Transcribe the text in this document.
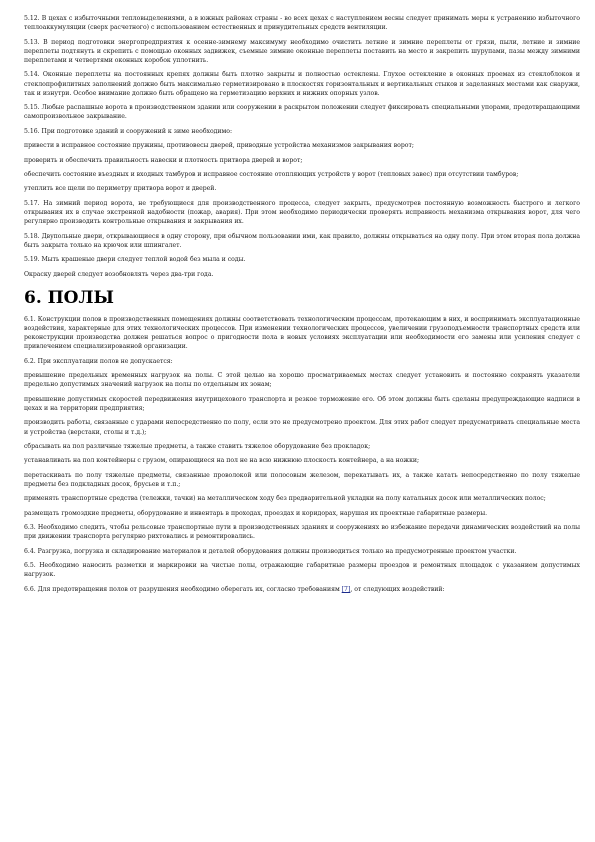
5.12. В цехах с избыточными тепловыделениями, а в южных районах страны - во всех цехах с наступлением весны следует принимать меры к устранению избыточного теплоаккумуляции (сверх расчетного) с использованием естественных и принудительных средств вентиляции.
5.13. В период подготовки энергопредприятия к осенне-зимнему максимуму необходимо очистить летние и зимние переплеты от грязи, пыли, летние и зимние переплеты подтянуть и скрепить с помощью оконных задвижек, съемные зимние оконные переплеты поставить на место и закрепить шурупами, пазы между зимними переплетами и четвертями оконных коробок уплотнить.
5.14. Оконные переплеты на постоянных крепях должны быть плотно закрыты и полностью остеклены. Глухое остекление в оконных проемах из стеклоблоков и стеклопрофилитных заполнений должно быть максимально герметизировано в плоскостях горизонтальных и вертикальных стыков и заделанных местами как снаружи, так и изнутри. Особое внимание должно быть обращено на герметизацию верхних и нижних опорных узлов.
5.15. Любые распашные ворота в производственном здании или сооружении в раскрытом положении следует фиксировать специальными упорами, предотвращающими самопроизвольное закрывание.
5.16. При подготовке зданий и сооружений к зиме необходимо:
привести в исправное состояние пружины, противовесы дверей, приводные устройства механизмов закрывания ворот;
проверить и обеспечить правильность навески и плотность притвора дверей и ворот;
обеспечить состояние въездных и входных тамбуров и исправное состояние отопляющих устройств у ворот (тепловых завес) при отсутствии тамбуров;
утеплить все щели по периметру притвора ворот и дверей.
5.17. На зимний период ворота, не требующиеся для производственного процесса, следует закрыть, предусмотрев постоянную возможность быстрого и легкого открывания их в случае экстренной надобности (пожар, авария). При этом необходимо периодически проверять исправность механизма открывания ворот, для чего регулярно производить контрольные открывания и закрывания их.
5.18. Двупольные двери, открывающиеся в одну сторону, при обычном пользовании ими, как правило, должны открываться на одну полу. При этом вторая пола должна быть закрыта только на крючок или шпингалет.
5.19. Мыть крашеные двери следует теплой водой без мыла и соды.
Окраску дверей следует возобновлять через два-три года.
6. ПОЛЫ
6.1. Конструкции полов в производственных помещениях должны соответствовать технологическим процессам, протекающим в них, и воспринимать эксплуатационные воздействия, характерные для этих технологических процессов. При изменении технологических процессов, увеличении грузоподъемности транспортных средств или реконструкции производства должен решаться вопрос о пригодности пола в новых условиях эксплуатации или необходимости его замены или усиления следует с привлечением специализированной организации.
6.2. При эксплуатации полов не допускается:
превышение предельных временных нагрузок на полы. С этой целью на хорошо просматриваемых местах следует установить и постоянно сохранять указатели предельно допустимых значений нагрузок на полы по отдельным их зонам;
превышение допустимых скоростей передвижения внутрицехового транспорта и резкое торможение его. Об этом должны быть сделаны предупреждающие надписи в цехах и на территории предприятия;
производить работы, связанные с ударами непосредственно по полу, если это не предусмотрено проектом. Для этих работ следует предусматривать специальные места и устройства (верстаки, столы и т.д.);
сбрасывать на пол различные тяжелые предметы, а также ставить тяжелое оборудование без прокладок;
устанавливать на пол контейнеры с грузом, опирающиеся на пол не на всю нижнюю плоскость контейнера, а на ножки;
перетаскивать по полу тяжелые предметы, связанные проволокой или полосовым железом, перекатывать их, а также катать непосредственно по полу тяжелые предметы без подкладных досок, брусьев и т.п.;
применять транспортные средства (тележки, тачки) на металлическом ходу без предварительной укладки на полу катальных досок или металлических полос;
размещать громоздкие предметы, оборудование и инвентарь в проходах, проездах и коридорах, нарушая их проектные габаритные размеры.
6.3. Необходимо следить, чтобы рельсовые транспортные пути в производственных зданиях и сооружениях во избежание передачи динамических воздействий на полы при движении транспорта регулярно рихтовались и ремонтировались.
6.4. Разгрузка, погрузка и складирование материалов и деталей оборудования должны производиться только на предусмотренные проектом участки.
6.5. Необходимо наносить разметки и маркировки на чистые полы, отражающие габаритные размеры проездов и ремонтных площадок с указанием допустимых нагрузок.
6.6. Для предотвращения полов от разрушения необходимо оберегать их, согласно требованиям [7], от следующих воздействий:
